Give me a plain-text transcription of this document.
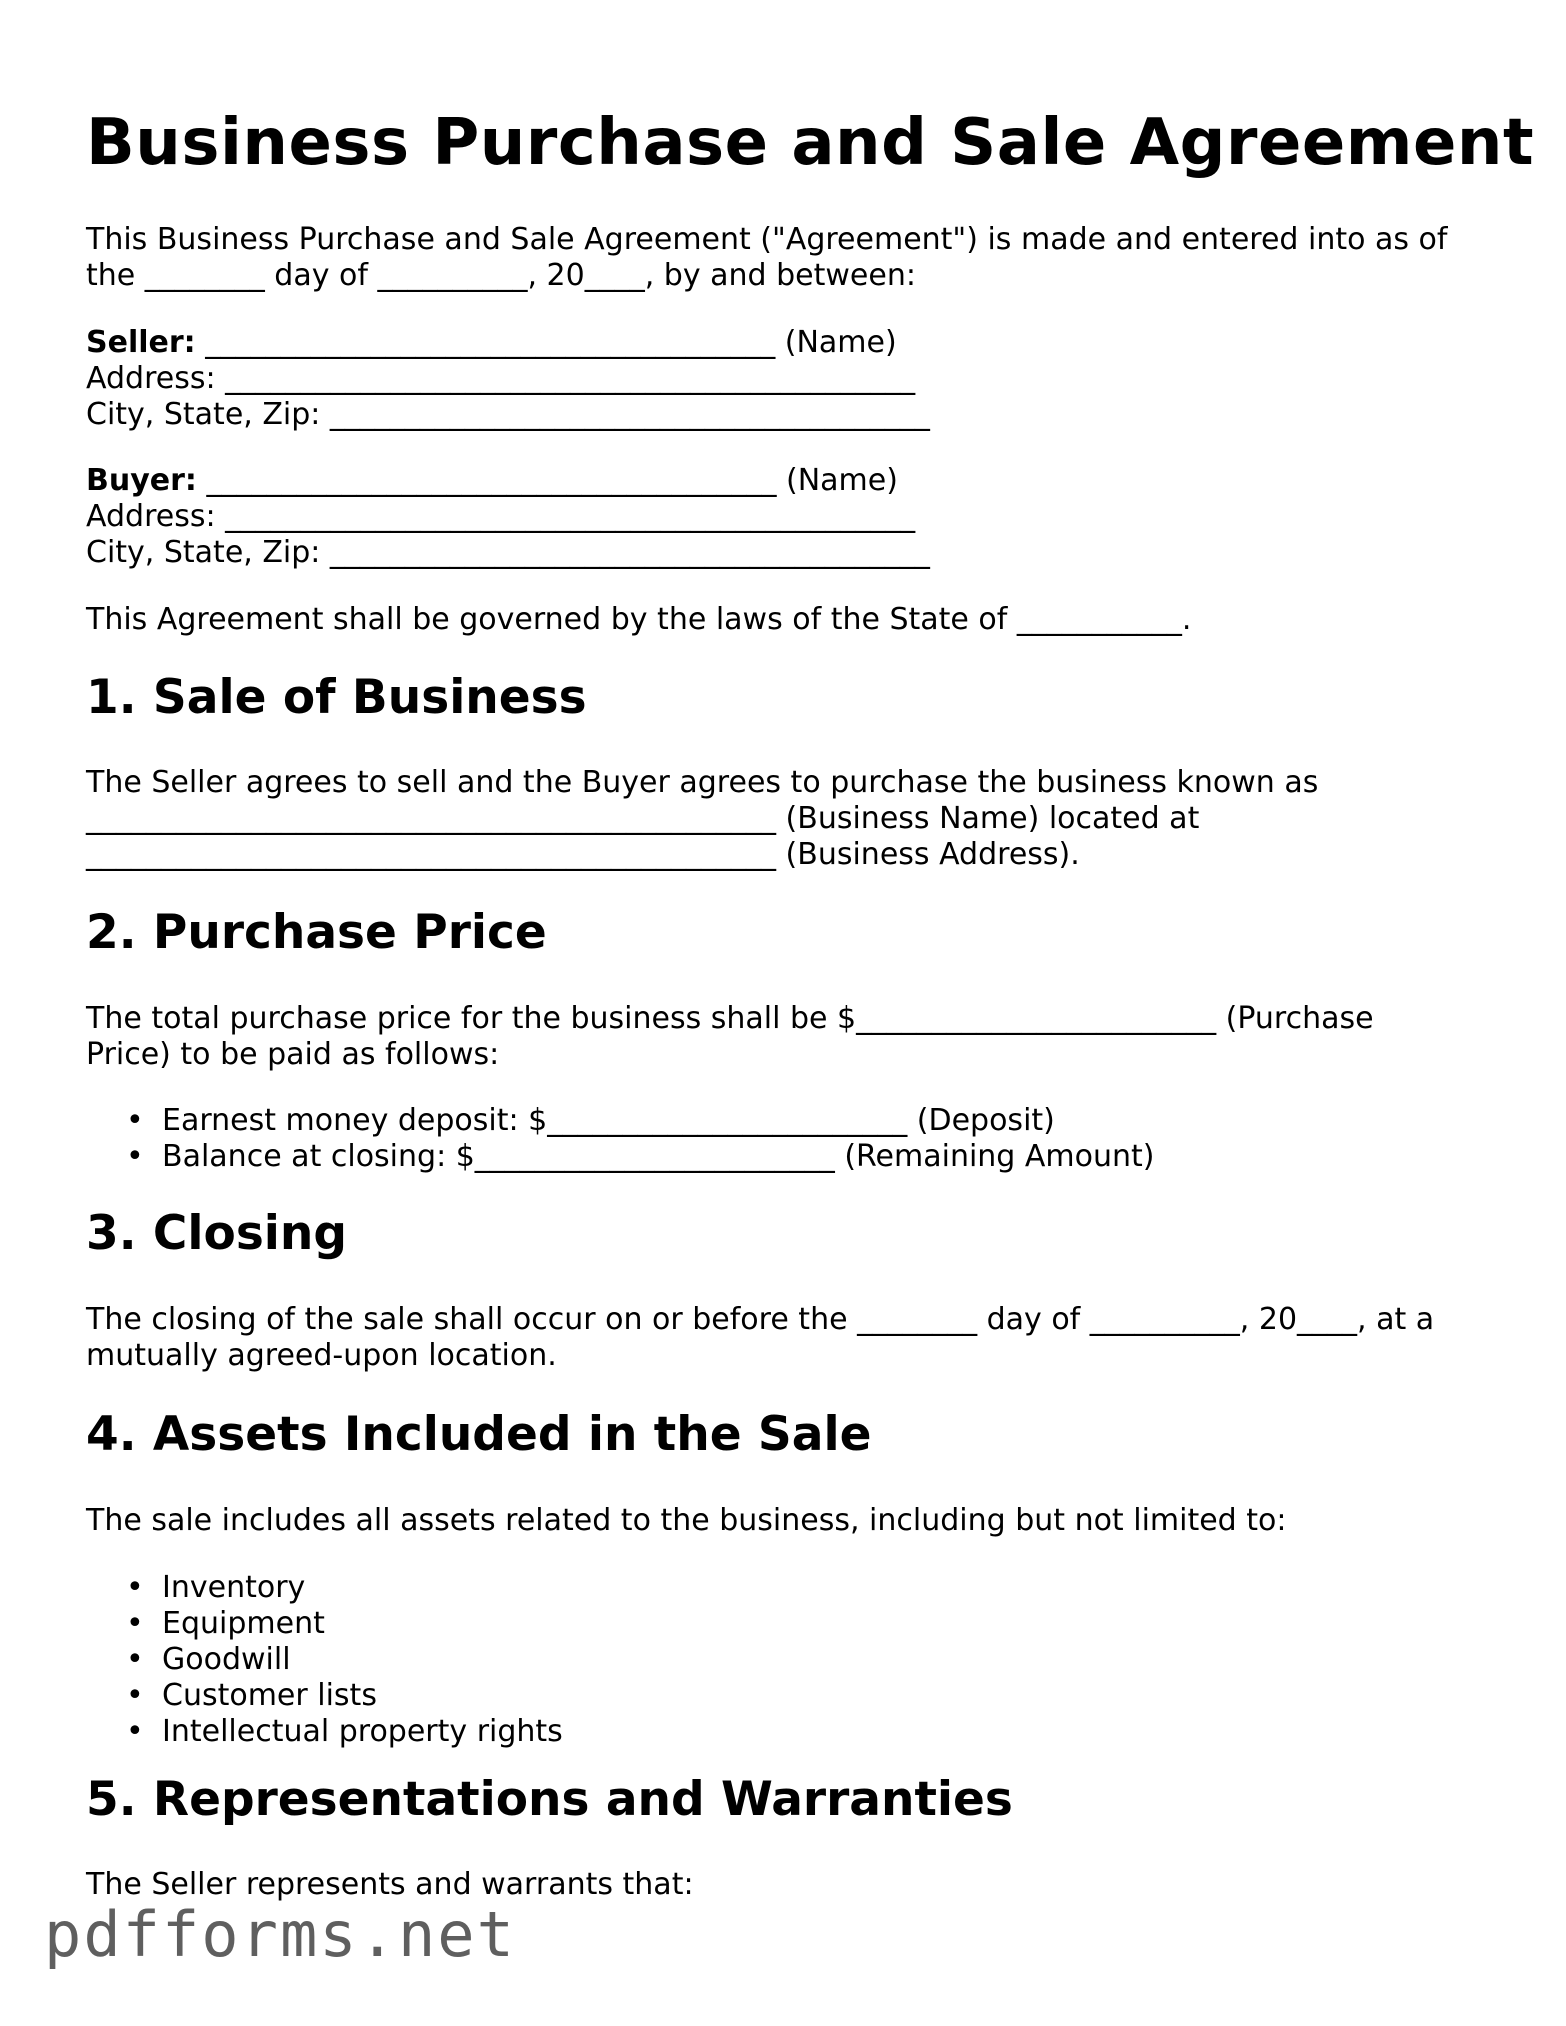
Business Purchase and Sale Agreement
This Business Purchase and Sale Agreement ("Agreement") is made and entered into as of
the ________ day of __________, 20____, by and between:
Seller: ______________________________________ (Name)
Address: ______________________________________________
City, State, Zip: ________________________________________
Buyer: ______________________________________ (Name)
Address: ______________________________________________
City, State, Zip: ________________________________________
This Agreement shall be governed by the laws of the State of ___________.
1. Sale of Business
The Seller agrees to sell and the Buyer agrees to purchase the business known as
______________________________________________ (Business Name) located at
______________________________________________ (Business Address).
2. Purchase Price
The total purchase price for the business shall be $________________________ (Purchase
Price) to be paid as follows:
• Earnest money deposit: $________________________ (Deposit)
• Balance at closing: $________________________ (Remaining Amount)
3. Closing
The closing of the sale shall occur on or before the ________ day of __________, 20____, at a
mutually agreed-upon location.
4. Assets Included in the Sale
The sale includes all assets related to the business, including but not limited to:
• Inventory
• Equipment
• Goodwill
• Customer lists
• Intellectual property rights
5. Representations and Warranties
The Seller represents and warrants that:
pdfforms.net
